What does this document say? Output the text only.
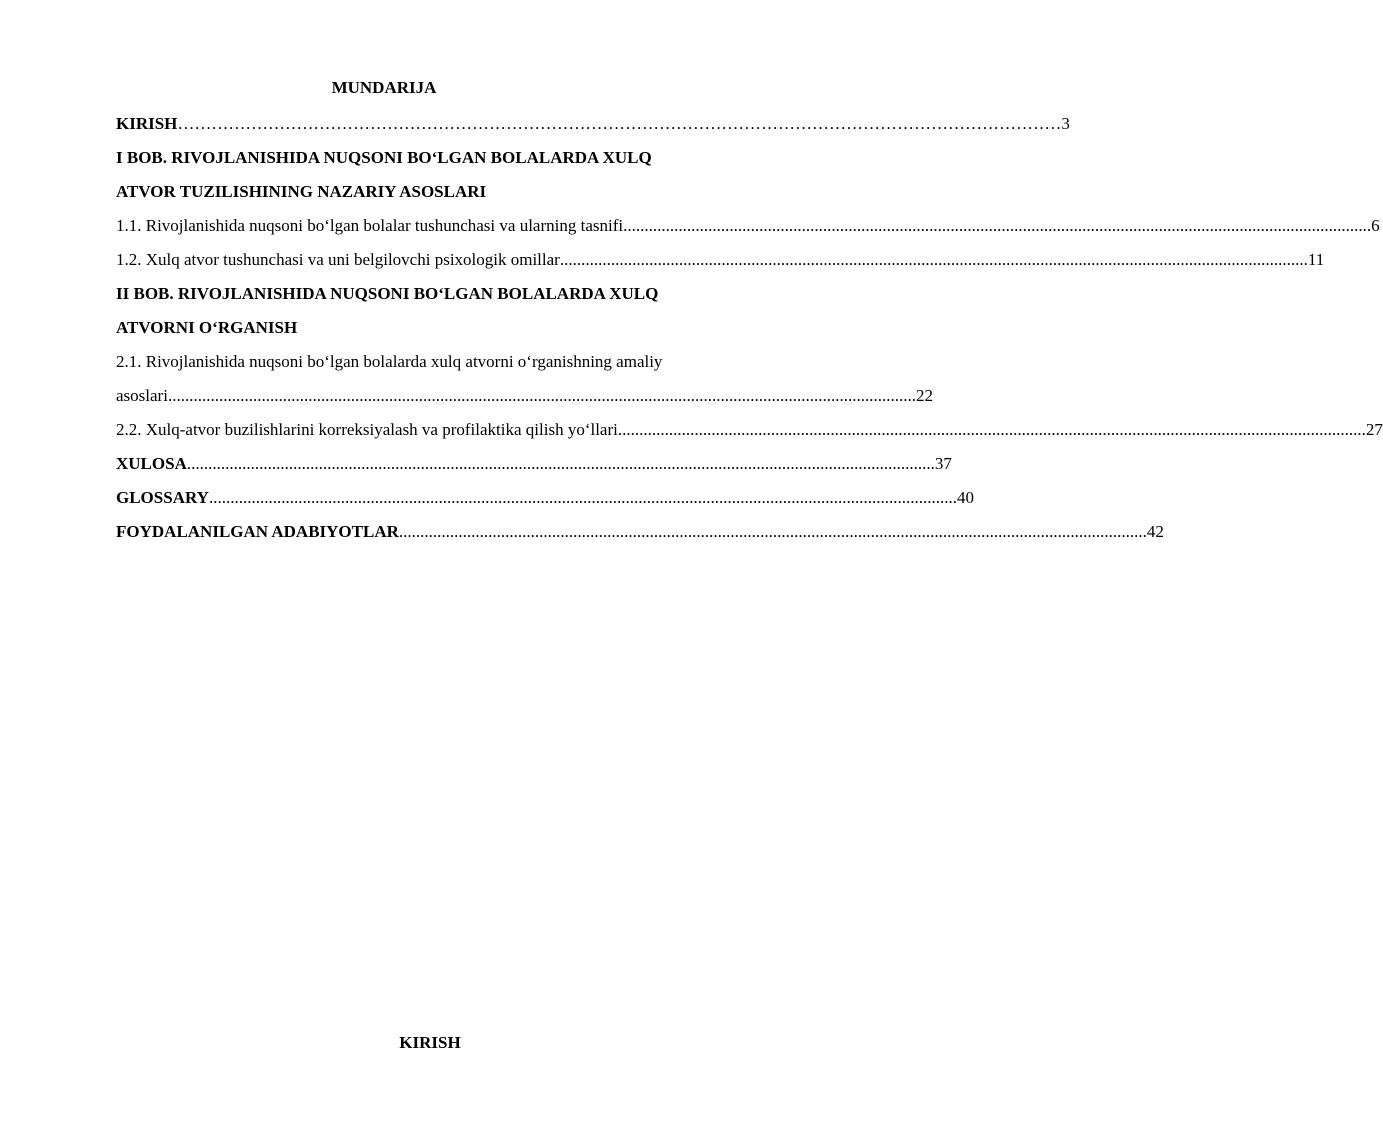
MUNDARIJA
KIRISH ………………………………………………………………………………………………………………………………………… 3
I BOB. RIVOJLANISHIDA NUQSONI BO‘LGAN BOLALARDA XULQ
ATVOR TUZILISHINING NAZARIY ASOSLARI
1.1. Rivojlanishida nuqsoni bo‘lgan bolalar tushunchasi va ularning tasnifi ................................................................................................................................................................................ 6
1.2. Xulq atvor tushunchasi va uni belgilovchi psixologik omillar ................................................................................................................................................................................ 11
II BOB. RIVOJLANISHIDA NUQSONI BO‘LGAN BOLALARDA XULQ
ATVORNI O‘RGANISH
2.1. Rivojlanishida nuqsoni bo‘lgan bolalarda xulq atvorni o‘rganishning amaliy
asoslari ................................................................................................................................................................................ 22
2.2. Xulq-atvor buzilishlarini korreksiyalash va profilaktika qilish yo‘llari ................................................................................................................................................................................ 27
XULOSA ................................................................................................................................................................................ 37
GLOSSARY ................................................................................................................................................................................ 40
FOYDALANILGAN ADABIYOTLAR ................................................................................................................................................................................ 42
KIRISH
